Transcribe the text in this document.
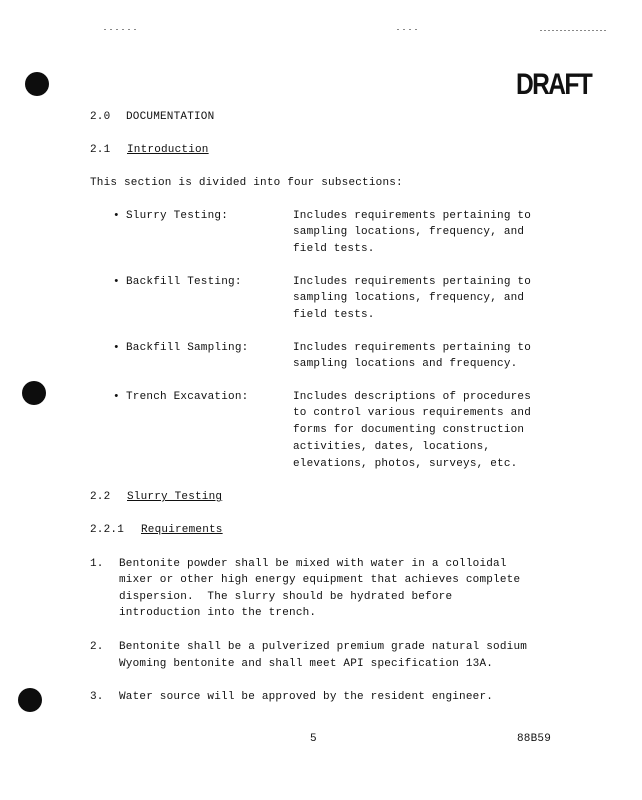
DRAFT
2.0 DOCUMENTATION
2.1 Introduction
This section is divided into four subsections:
• Slurry Testing:	Includes requirements pertaining to
sampling locations, frequency, and
field tests.
• Backfill Testing:	Includes requirements pertaining to
sampling locations, frequency, and
field tests.
• Backfill Sampling:	Includes requirements pertaining to
sampling locations and frequency.
• Trench Excavation:	Includes descriptions of procedures
to control various requirements and
forms for documenting construction
activities, dates, locations,
elevations, photos, surveys, etc.
2.2 Slurry Testing
2.2.1 Requirements
1. Bentonite powder shall be mixed with water in a colloidal
mixer or other high energy equipment that achieves complete
dispersion.  The slurry should be hydrated before
introduction into the trench.
2. Bentonite shall be a pulverized premium grade natural sodium
Wyoming bentonite and shall meet API specification 13A.
3. Water source will be approved by the resident engineer.
5	88B59
